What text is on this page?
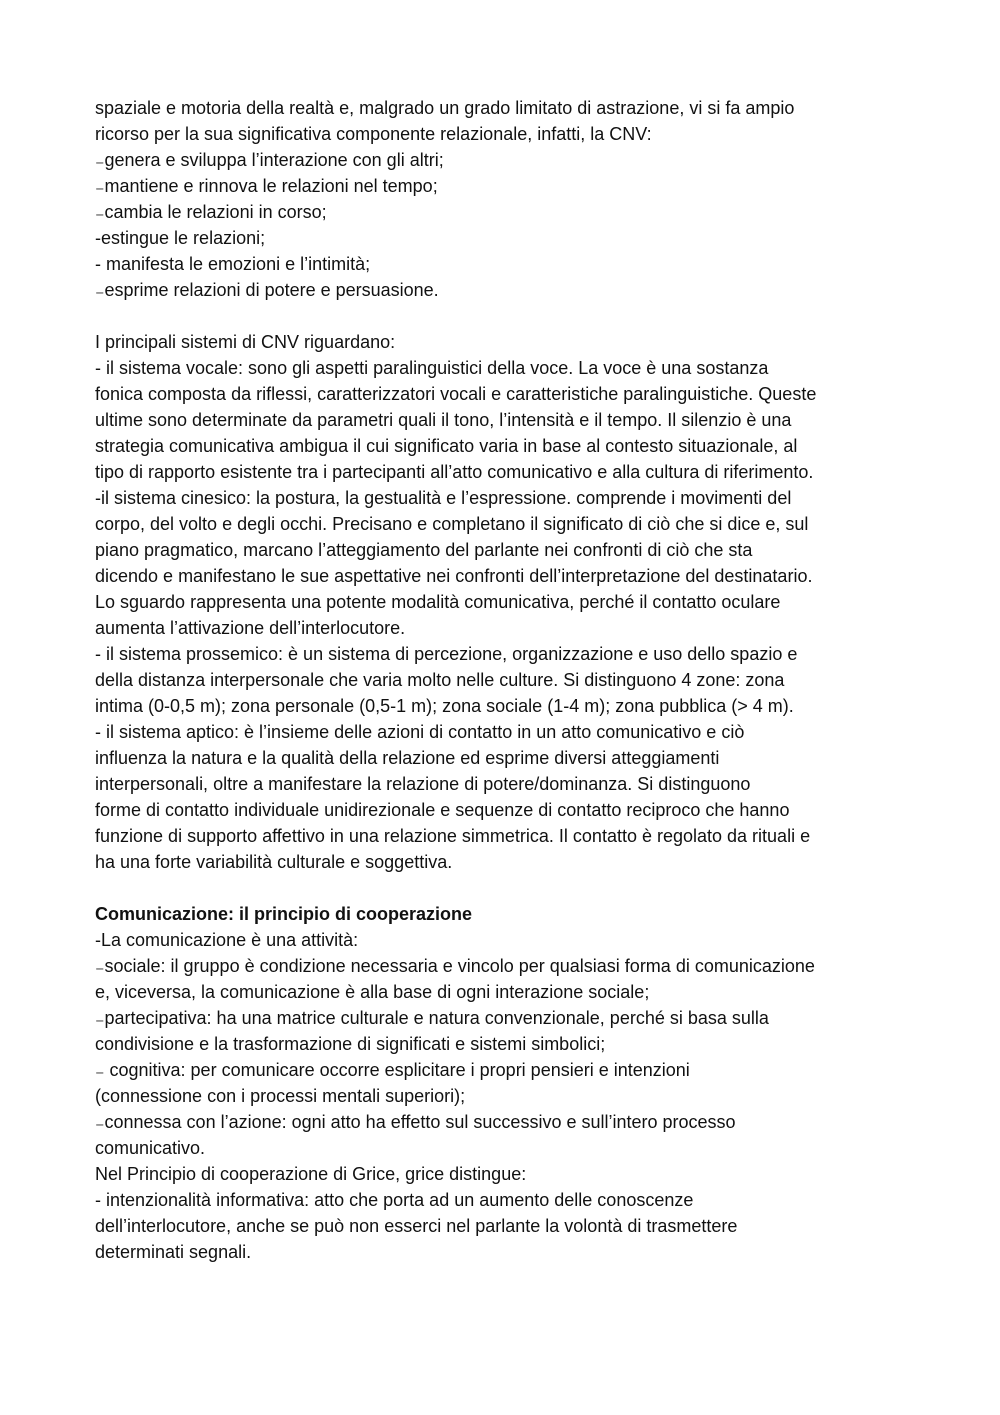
spaziale e motoria della realtà e, malgrado un grado limitato di astrazione, vi si fa ampio
ricorso per la sua significativa componente relazionale, infatti, la CNV:
₋genera e sviluppa l’interazione con gli altri;
₋mantiene e rinnova le relazioni nel tempo;
₋cambia le relazioni in corso;
-estingue le relazioni;
- manifesta le emozioni e l’intimità;
₋esprime relazioni di potere e persuasione.
I principali sistemi di CNV riguardano:
- il sistema vocale: sono gli aspetti paralinguistici della voce. La voce è una sostanza
fonica composta da riflessi, caratterizzatori vocali e caratteristiche paralinguistiche. Queste
ultime sono determinate da parametri quali il tono, l’intensità e il tempo. Il silenzio è una
strategia comunicativa ambigua il cui significato varia in base al contesto situazionale, al
tipo di rapporto esistente tra i partecipanti all’atto comunicativo e alla cultura di riferimento.
-il sistema cinesico: la postura, la gestualità e l’espressione. comprende i movimenti del
corpo, del volto e degli occhi. Precisano e completano il significato di ciò che si dice e, sul
piano pragmatico, marcano l’atteggiamento del parlante nei confronti di ciò che sta
dicendo e manifestano le sue aspettative nei confronti dell’interpretazione del destinatario.
Lo sguardo rappresenta una potente modalità comunicativa, perché il contatto oculare
aumenta l’attivazione dell’interlocutore.
- il sistema prossemico: è un sistema di percezione, organizzazione e uso dello spazio e
della distanza interpersonale che varia molto nelle culture. Si distinguono 4 zone: zona
intima (0-0,5 m); zona personale (0,5-1 m); zona sociale (1-4 m); zona pubblica (> 4 m).
- il sistema aptico: è l’insieme delle azioni di contatto in un atto comunicativo e ciò
influenza la natura e la qualità della relazione ed esprime diversi atteggiamenti
interpersonali, oltre a manifestare la relazione di potere/dominanza. Si distinguono
forme di contatto individuale unidirezionale e sequenze di contatto reciproco che hanno
funzione di supporto affettivo in una relazione simmetrica. Il contatto è regolato da rituali e
ha una forte variabilità culturale e soggettiva.
Comunicazione: il principio di cooperazione
-La comunicazione è una attività:
₋sociale: il gruppo è condizione necessaria e vincolo per qualsiasi forma di comunicazione
e, viceversa, la comunicazione è alla base di ogni interazione sociale;
₋partecipativa: ha una matrice culturale e natura convenzionale, perché si basa sulla
condivisione e la trasformazione di significati e sistemi simbolici;
₋ cognitiva: per comunicare occorre esplicitare i propri pensieri e intenzioni
(connessione con i processi mentali superiori);
₋connessa con l’azione: ogni atto ha effetto sul successivo e sull’intero processo
comunicativo.
Nel Principio di cooperazione di Grice, grice distingue:
- intenzionalità informativa: atto che porta ad un aumento delle conoscenze
dell’interlocutore, anche se può non esserci nel parlante la volontà di trasmettere
determinati segnali.
